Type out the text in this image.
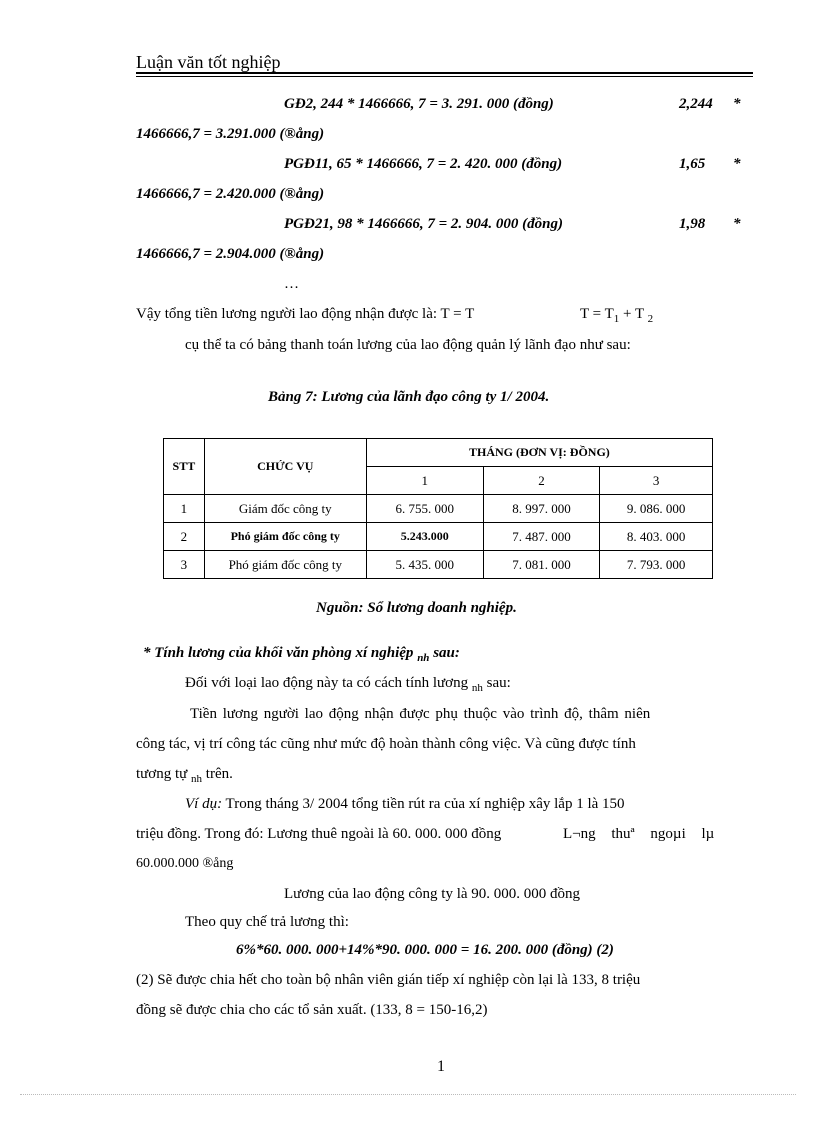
Luận văn tốt nghiệp
GĐ2, 244 * 1466666, 7 = 3. 291. 000 (đồng)	2,244 *
1466666,7 = 3.291.000 (®ång)
PGĐ11, 65 * 1466666, 7 = 2. 420. 000 (đồng)	1,65 *
1466666,7 = 2.420.000 (®ång)
PGĐ21, 98 * 1466666, 7 = 2. 904. 000 (đồng)	1,98 *
1466666,7 = 2.904.000 (®ång)
…
Vậy tổng tiền lương người lao động nhận được là: T = T	$T = T_1 + T$ $_2$
cụ thể ta có bảng thanh toán lương của lao động quản lý lãnh đạo như sau:
Bảng 7: Lương của lãnh đạo công ty 1/ 2004.
STT	CHỨC VỤ	THÁNG (ĐƠN VỊ: ĐỒNG)		
		1	2	3
1	Giám đốc công ty	6. 755. 000	8. 997. 000	9. 086. 000
2	Phó giám đốc công ty	5.243.000	7. 487. 000	8. 403. 000
3	Phó giám đốc công ty	5. 435. 000	7. 081. 000	7. 793. 000
Nguồn: Sổ lương doanh nghiệp.
* Tính lương của khối văn phòng xí nghiệp $_{nh}$ sau:
Đối với loại lao động này ta có cách tính lương $_{nh}$ sau:
Tiền lương người lao động nhận được phụ thuộc vào trình độ, thâm niên
công tác, vị trí công tác cũng như mức độ hoàn thành công việc. Và cũng được tính
tương tự $_{nh}$ trên.
Ví dụ: Trong tháng 3/ 2004 tổng tiền rút ra của xí nghiệp xây lắp 1 là 150
triệu đồng. Trong đó: Lương thuê ngoài là 60. 000. 000 đồng	L¬ng thuª ngoµi lµ
60.000.000 ®ång
Lương của lao động công ty là 90. 000. 000 đồng
Theo quy chế trả lương thì:
6%*60. 000. 000+14%*90. 000. 000 = 16. 200. 000 (đồng) (2)
(2) Sẽ được chia hết cho toàn bộ nhân viên gián tiếp xí nghiệp còn lại là 133, 8 triệu
đồng sẽ được chia cho các tổ sản xuất. (133, 8 = 150-16,2)
1
